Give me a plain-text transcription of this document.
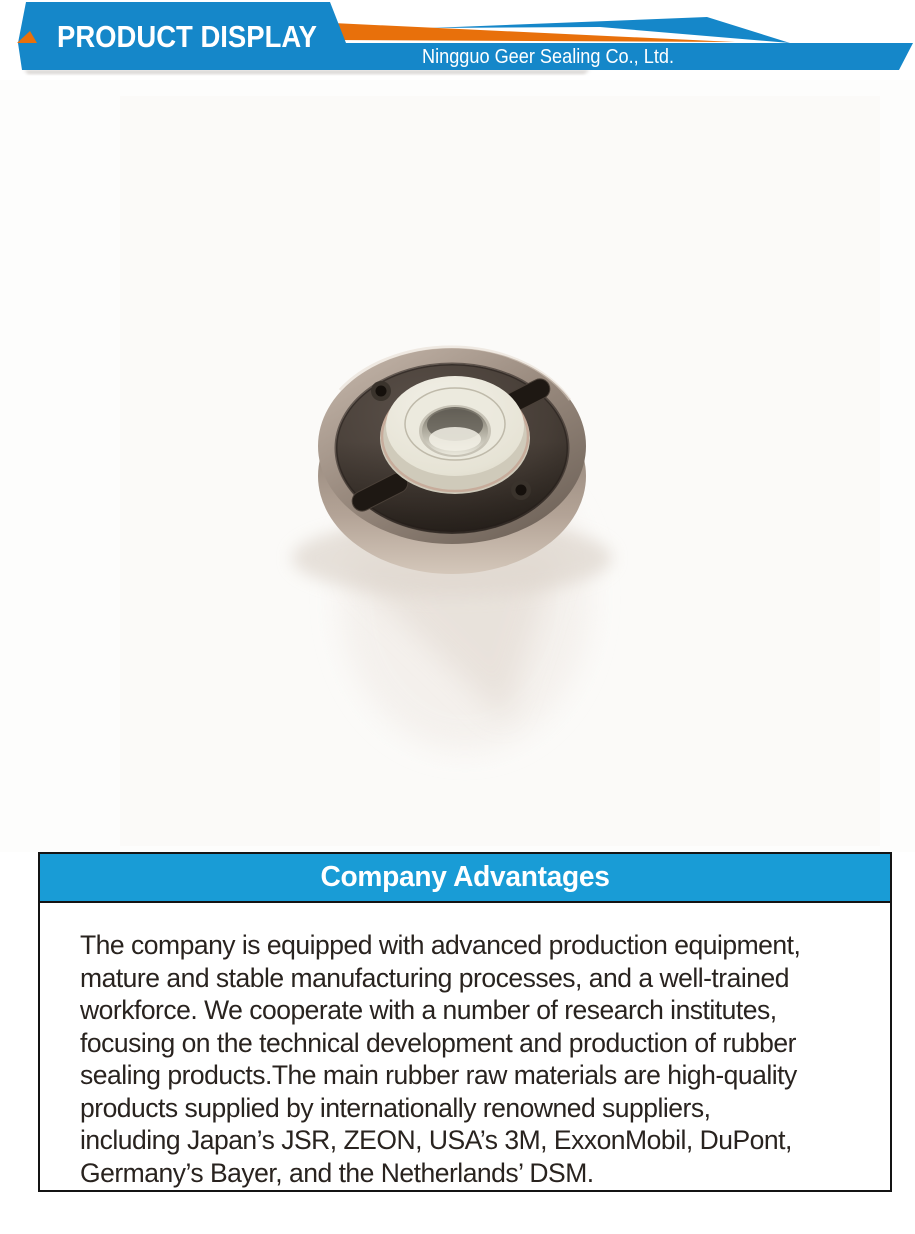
PRODUCT DISPLAY
Ningguo Geer Sealing Co., Ltd.
Company Advantages
The company is equipped with advanced production equipment,
mature and stable manufacturing processes, and a well-trained
workforce. We cooperate with a number of research institutes,
focusing on the technical development and production of rubber
sealing products.The main rubber raw materials are high-quality
products supplied by internationally renowned suppliers,
including Japan’s JSR, ZEON, USA’s 3M, ExxonMobil, DuPont,
Germany’s Bayer, and the Netherlands’ DSM.
